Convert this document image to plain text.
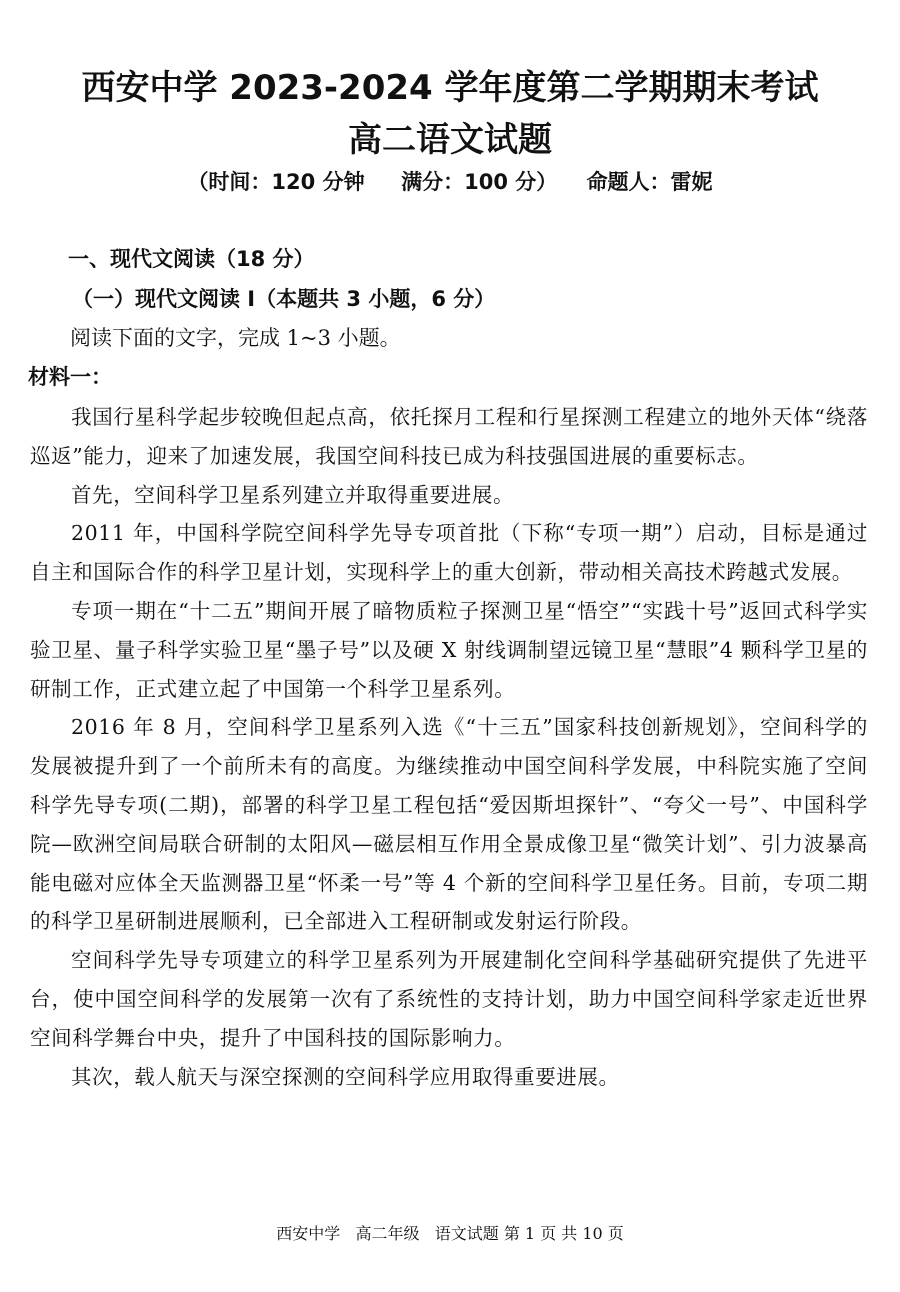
西安中学 2023-2024 学年度第二学期期末考试
高二语文试题
（时间：120 分钟 满分：100 分） 命题人：雷妮
一、现代文阅读（18 分）
（一）现代文阅读 I（本题共 3 小题，6 分）
阅读下面的文字，完成 1~3 小题。
材料一：

我国行星科学起步较晚但起点高，依托探月工程和行星探测工程建立的地外天体“绕落巡返”能力，迎来了加速发展，我国空间科技已成为科技强国进展的重要标志。

首先，空间科学卫星系列建立并取得重要进展。

2011 年，中国科学院空间科学先导专项首批（下称“专项一期”）启动，目标是通过自主和国际合作的科学卫星计划，实现科学上的重大创新，带动相关高技术跨越式发展。

专项一期在“十二五”期间开展了暗物质粒子探测卫星“悟空”“实践十号”返回式科学实验卫星、量子科学实验卫星“墨子号”以及硬 X 射线调制望远镜卫星“慧眼”4 颗科学卫星的研制工作，正式建立起了中国第一个科学卫星系列。

2016 年 8 月，空间科学卫星系列入选《“十三五”国家科技创新规划》，空间科学的发展被提升到了一个前所未有的高度。为继续推动中国空间科学发展，中科院实施了空间科学先导专项(二期)，部署的科学卫星工程包括“爱因斯坦探针”、“夸父一号”、中国科学院—欧洲空间局联合研制的太阳风—磁层相互作用全景成像卫星“微笑计划”、引力波暴高能电磁对应体全天监测器卫星“怀柔一号”等 4 个新的空间科学卫星任务。目前，专项二期的科学卫星研制进展顺利，已全部进入工程研制或发射运行阶段。

空间科学先导专项建立的科学卫星系列为开展建制化空间科学基础研究提供了先进平台，使中国空间科学的发展第一次有了系统性的支持计划，助力中国空间科学家走近世界空间科学舞台中央，提升了中国科技的国际影响力。

其次，载人航天与深空探测的空间科学应用取得重要进展。

西安中学 高二年级 语文试题 第 1 页 共 10 页
